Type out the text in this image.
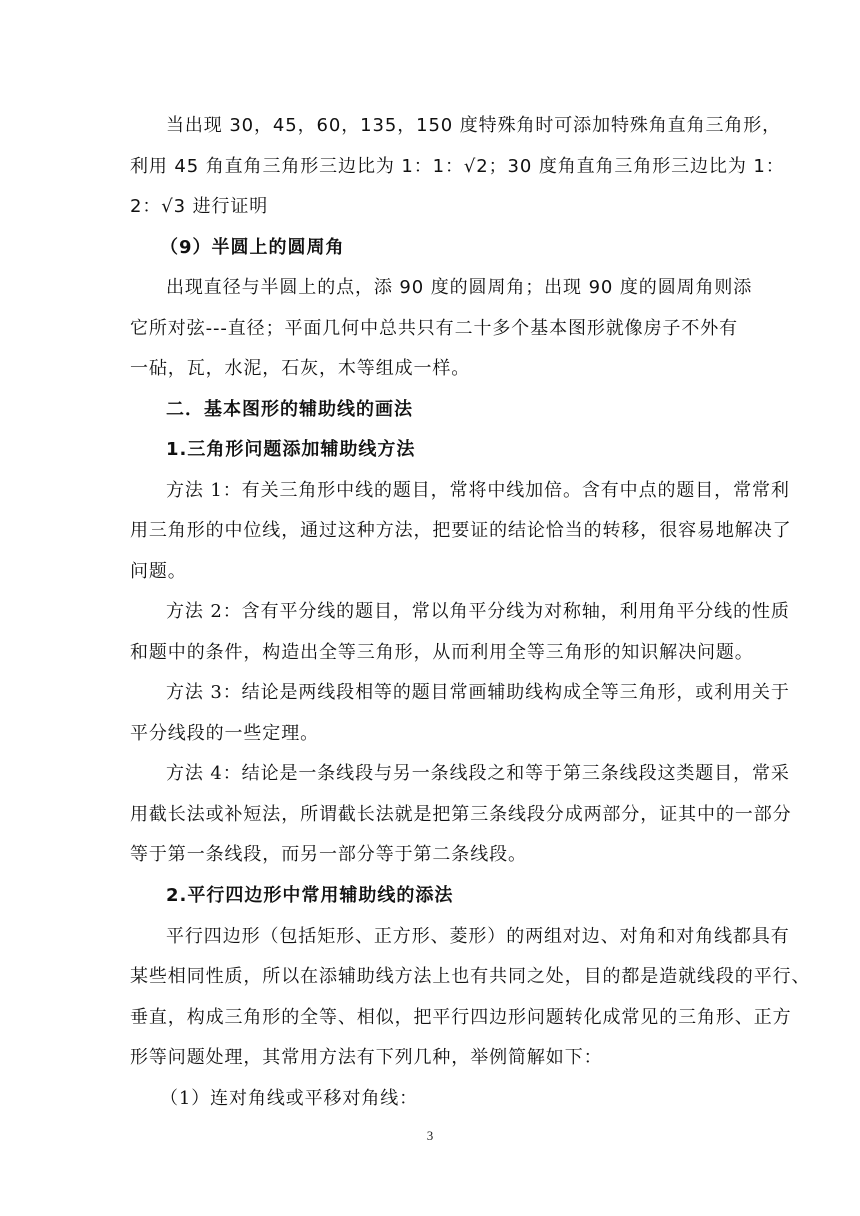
当出现 30，45，60，135，150 度特殊角时可添加特殊角直角三角形，
利用 45 角直角三角形三边比为 1：1：√2；30 度角直角三角形三边比为 1：
2：√3 进行证明
（9）半圆上的圆周角
出现直径与半圆上的点，添 90 度的圆周角；出现 90 度的圆周角则添
它所对弦---直径；平面几何中总共只有二十多个基本图形就像房子不外有
一砧，瓦，水泥，石灰，木等组成一样。
二．基本图形的辅助线的画法
1.三角形问题添加辅助线方法
方法 1：有关三角形中线的题目，常将中线加倍。含有中点的题目，常常利
用三角形的中位线，通过这种方法，把要证的结论恰当的转移，很容易地解决了
问题。
方法 2：含有平分线的题目，常以角平分线为对称轴，利用角平分线的性质
和题中的条件，构造出全等三角形，从而利用全等三角形的知识解决问题。
方法 3：结论是两线段相等的题目常画辅助线构成全等三角形，或利用关于
平分线段的一些定理。
方法 4：结论是一条线段与另一条线段之和等于第三条线段这类题目，常采
用截长法或补短法，所谓截长法就是把第三条线段分成两部分，证其中的一部分
等于第一条线段，而另一部分等于第二条线段。
2.平行四边形中常用辅助线的添法
平行四边形（包括矩形、正方形、菱形）的两组对边、对角和对角线都具有
某些相同性质，所以在添辅助线方法上也有共同之处，目的都是造就线段的平行、
垂直，构成三角形的全等、相似，把平行四边形问题转化成常见的三角形、正方
形等问题处理，其常用方法有下列几种，举例简解如下：
（1）连对角线或平移对角线：
3
